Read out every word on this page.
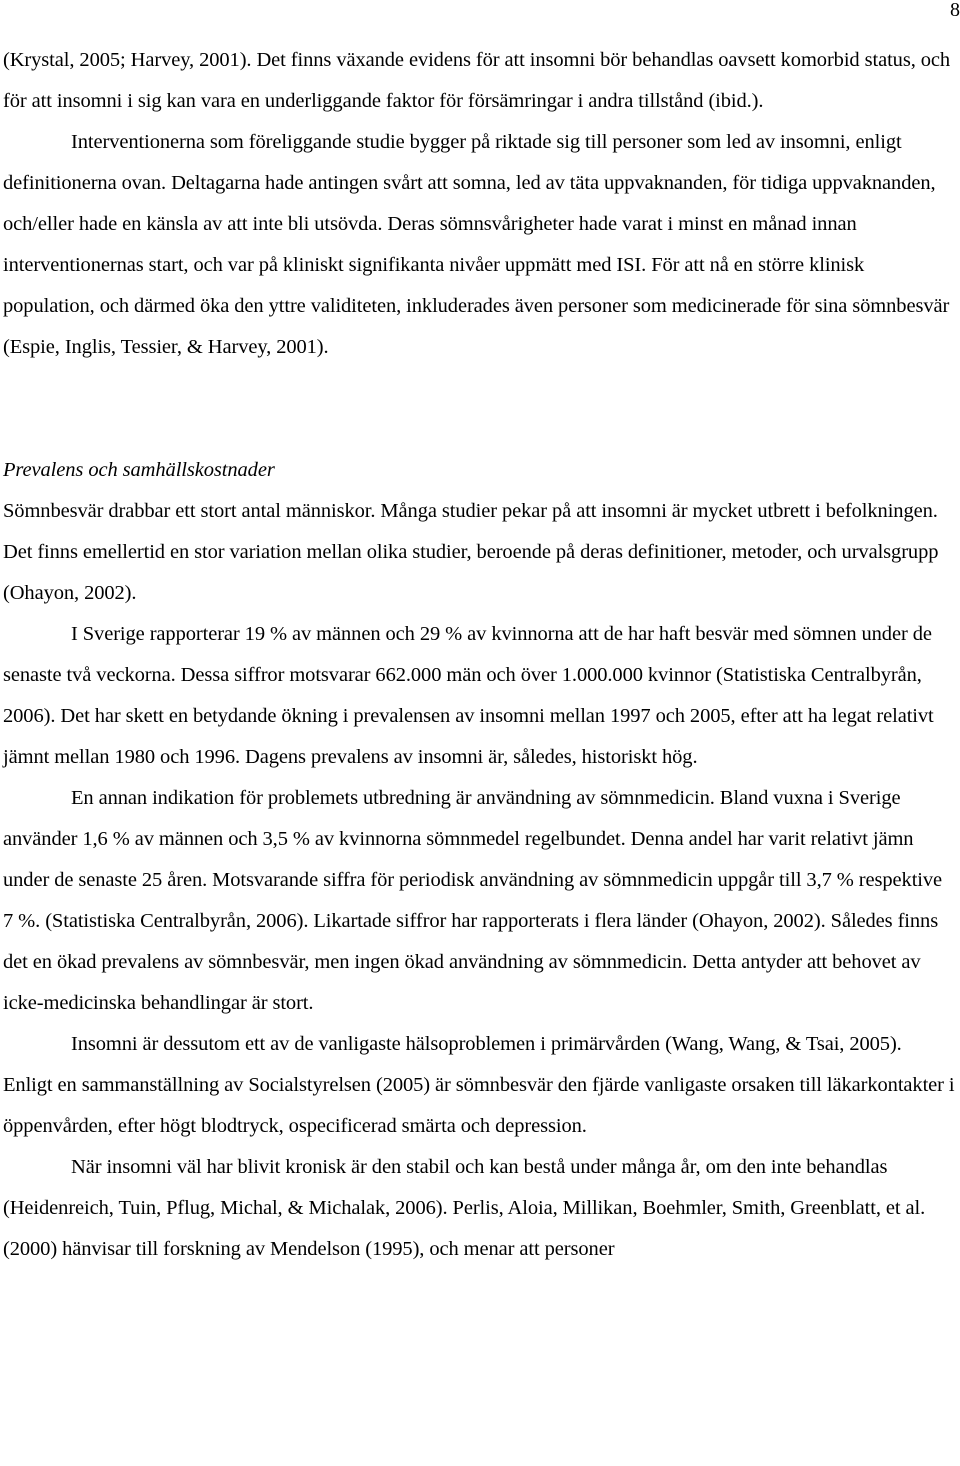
8

(Krystal, 2005; Harvey, 2001). Det finns växande evidens för att insomni bör behandlas oavsett komorbid status, och för att insomni i sig kan vara en underliggande faktor för försämringar i andra tillstånd (ibid.).

Interventionerna som föreliggande studie bygger på riktade sig till personer som led av insomni, enligt definitionerna ovan. Deltagarna hade antingen svårt att somna, led av täta uppvaknanden, för tidiga uppvaknanden, och/eller hade en känsla av att inte bli utsövda. Deras sömnsvårigheter hade varat i minst en månad innan interventionernas start, och var på kliniskt signifikanta nivåer uppmätt med ISI. För att nå en större klinisk population, och därmed öka den yttre validiteten, inkluderades även personer som medicinerade för sina sömnbesvär (Espie, Inglis, Tessier, & Harvey, 2001).

Prevalens och samhällskostnader

Sömnbesvär drabbar ett stort antal människor. Många studier pekar på att insomni är mycket utbrett i befolkningen. Det finns emellertid en stor variation mellan olika studier, beroende på deras definitioner, metoder, och urvalsgrupp (Ohayon, 2002).

I Sverige rapporterar 19 % av männen och 29 % av kvinnorna att de har haft besvär med sömnen under de senaste två veckorna. Dessa siffror motsvarar 662.000 män och över 1.000.000 kvinnor (Statistiska Centralbyrån, 2006). Det har skett en betydande ökning i prevalensen av insomni mellan 1997 och 2005, efter att ha legat relativt jämnt mellan 1980 och 1996. Dagens prevalens av insomni är, således, historiskt hög.

En annan indikation för problemets utbredning är användning av sömnmedicin. Bland vuxna i Sverige använder 1,6 % av männen och 3,5 % av kvinnorna sömnmedel regelbundet. Denna andel har varit relativt jämn under de senaste 25 åren. Motsvarande siffra för periodisk användning av sömnmedicin uppgår till 3,7 % respektive 7 %. (Statistiska Centralbyrån, 2006). Likartade siffror har rapporterats i flera länder (Ohayon, 2002). Således finns det en ökad prevalens av sömnbesvär, men ingen ökad användning av sömnmedicin. Detta antyder att behovet av icke-medicinska behandlingar är stort.

Insomni är dessutom ett av de vanligaste hälsoproblemen i primärvården (Wang, Wang, & Tsai, 2005). Enligt en sammanställning av Socialstyrelsen (2005) är sömnbesvär den fjärde vanligaste orsaken till läkarkontakter i öppenvården, efter högt blodtryck, ospecificerad smärta och depression.

När insomni väl har blivit kronisk är den stabil och kan bestå under många år, om den inte behandlas (Heidenreich, Tuin, Pflug, Michal, & Michalak, 2006). Perlis, Aloia, Millikan, Boehmler, Smith, Greenblatt, et al. (2000) hänvisar till forskning av Mendelson (1995), och menar att personer
